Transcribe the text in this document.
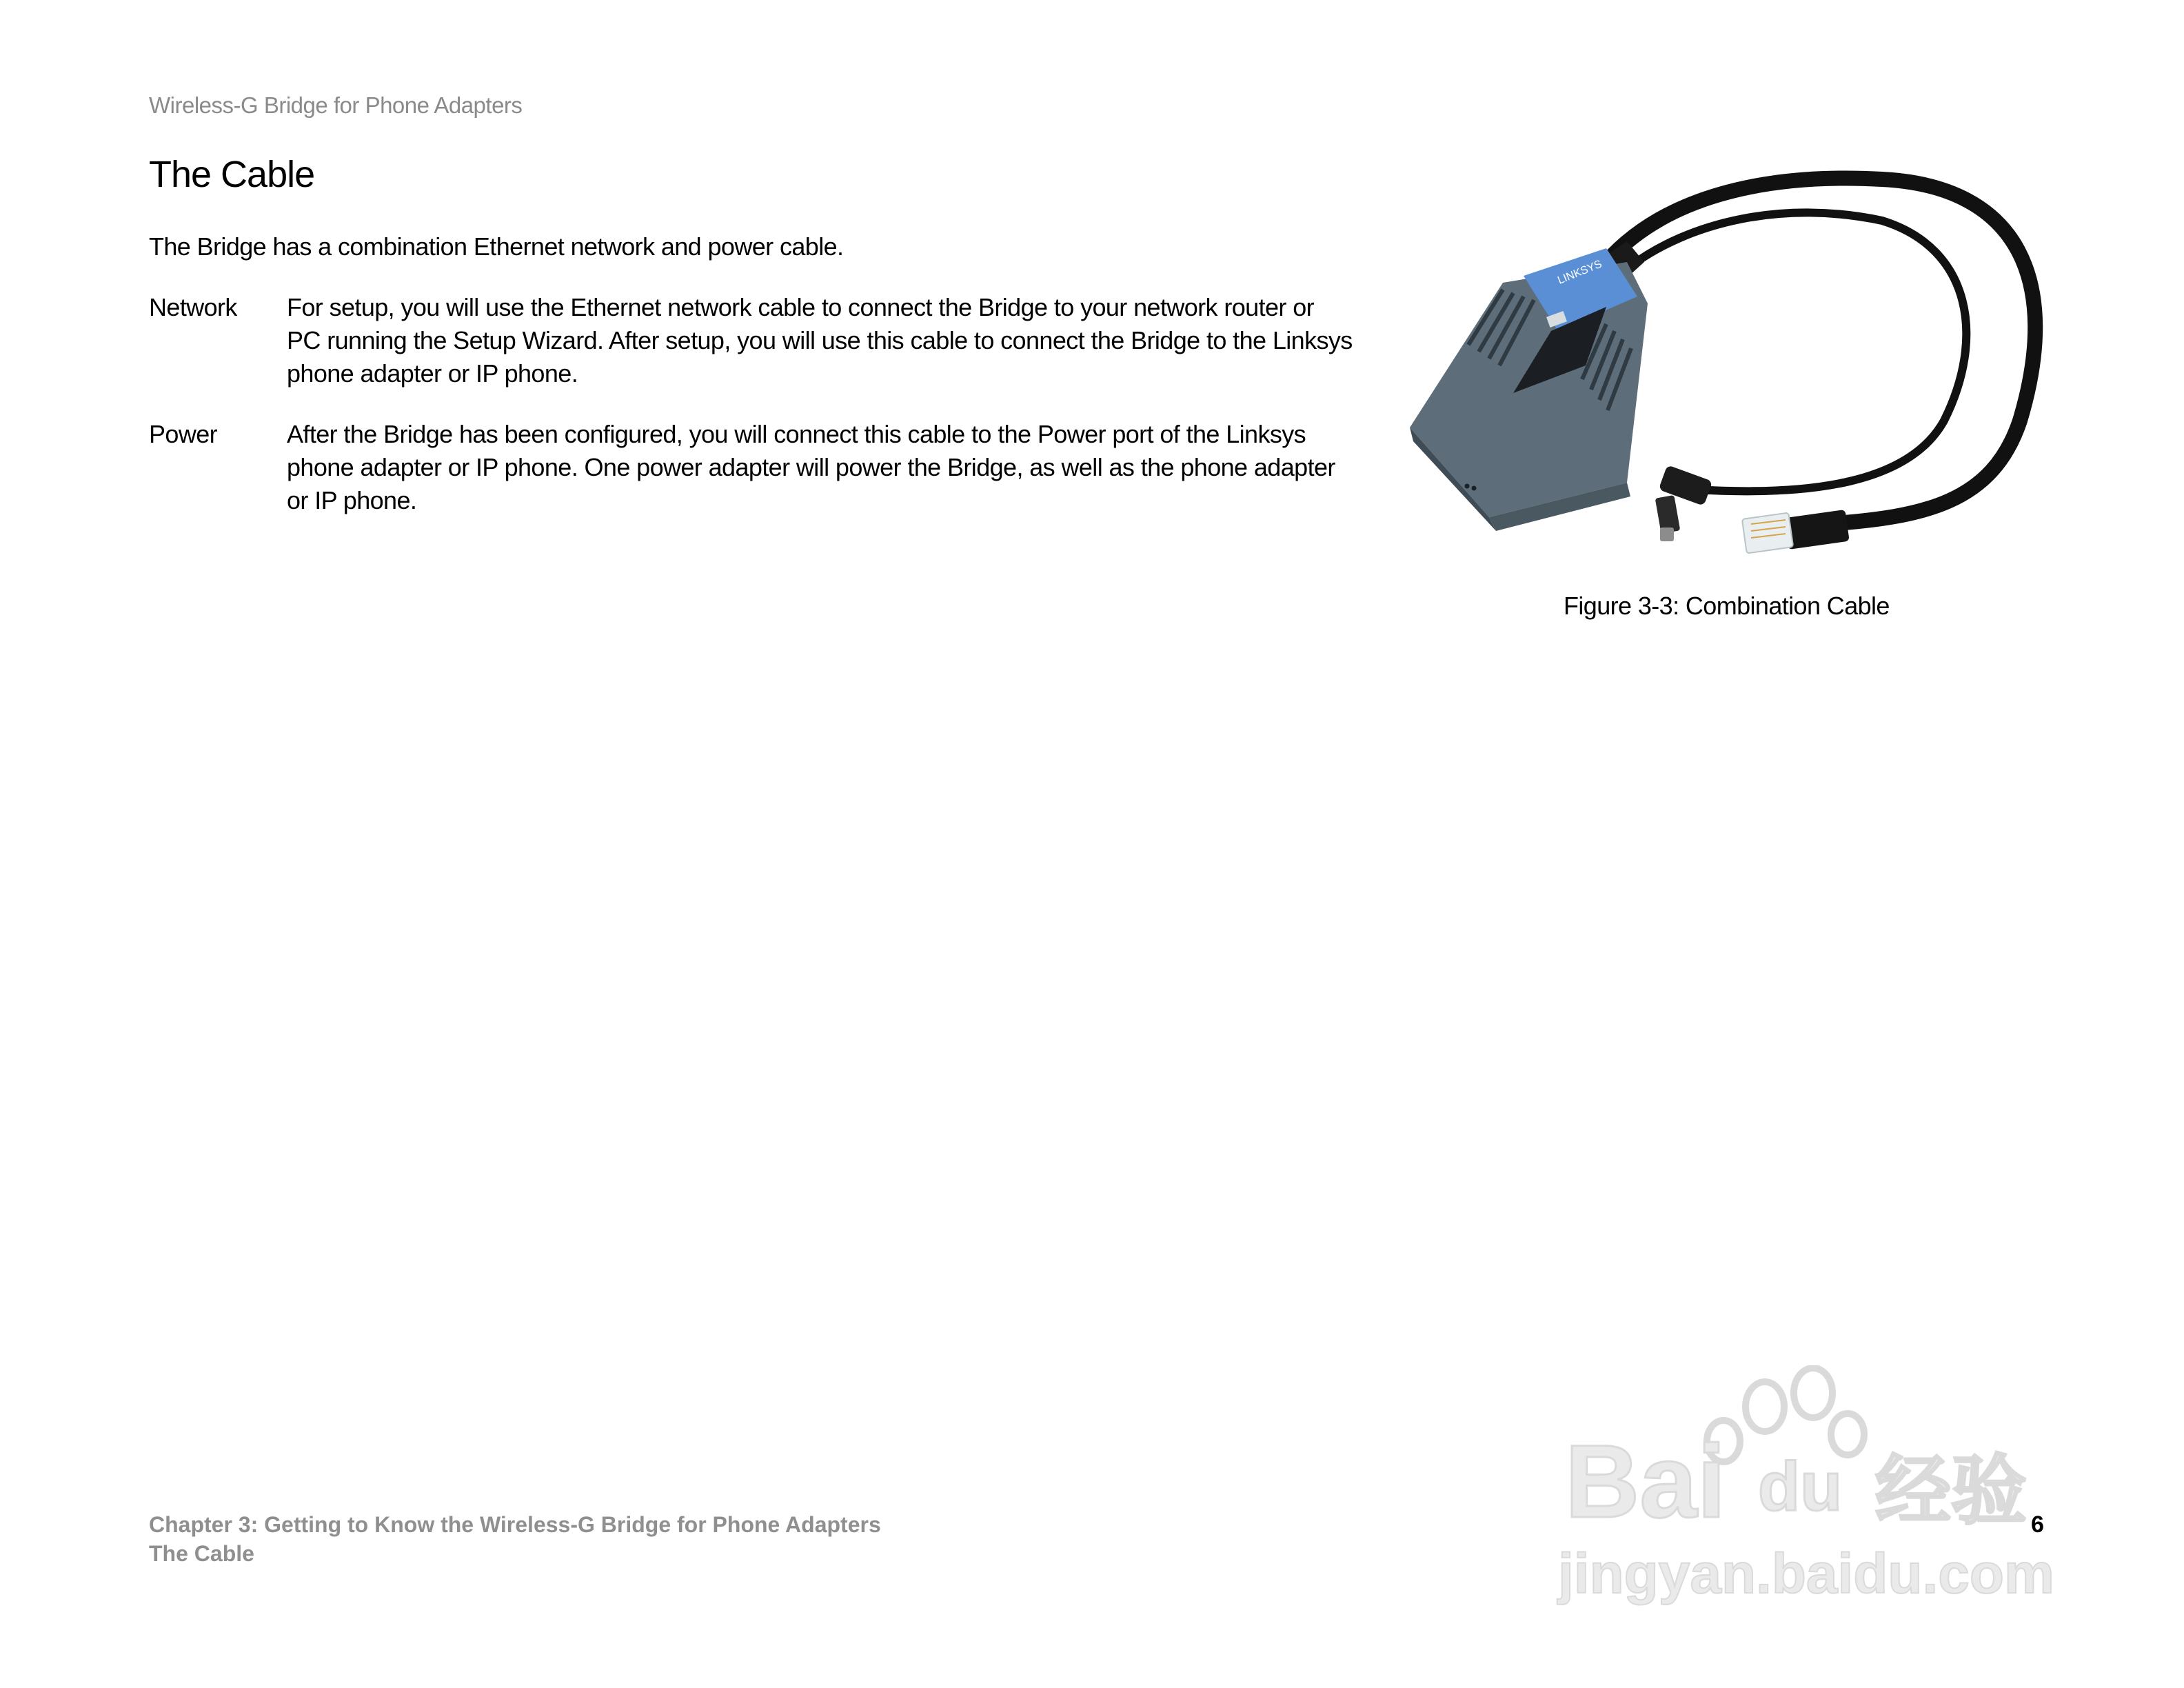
Wireless-G Bridge for Phone Adapters
The Cable

The Bridge has a combination Ethernet network and power cable.

Network For setup, you will use the Ethernet network cable to connect the Bridge to your network router or
PC running the Setup Wizard. After setup, you will use this cable to connect the Bridge to the Linksys
phone adapter or IP phone.
Power	After the Bridge has been configured, you will connect this cable to the Power port of the Linksys
phone adapter or IP phone. One power adapter will power the Bridge, as well as the phone adapter
or IP phone.
LINKSYS
Figure 3-3: Combination Cable
Chapter 3: Getting to Know the Wireless-G Bridge for Phone Adapters
The Cable
6
Bai du 经验
jingyan.baidu.com
